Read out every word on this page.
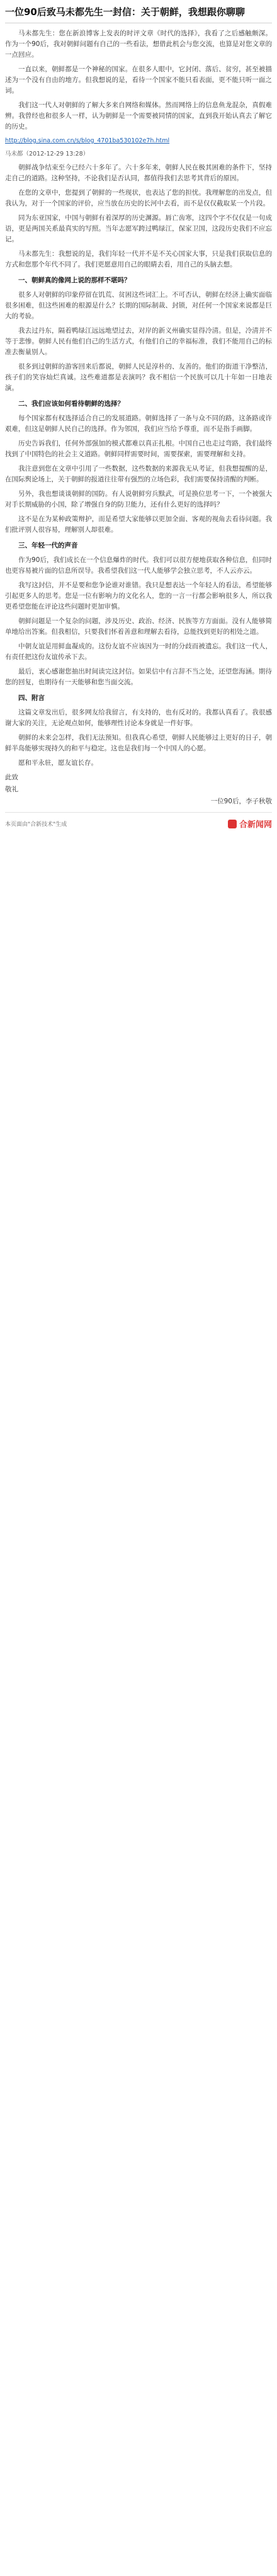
一位90后致马未都先生一封信：关于朝鲜，我想跟你聊聊

马未都先生：您在新浪博客上发表的时评文章《时代的选择》，我看了之后感触颇深。作为一个90后，我对朝鲜问题有自己的一些看法，想借此机会与您交流，也算是对您文章的一点回应。

一直以来，朝鲜都是一个神秘的国家。在很多人眼中，它封闭、落后、贫穷，甚至被描述为一个没有自由的地方。但我想说的是，看待一个国家不能只看表面，更不能只听一面之词。

我们这一代人对朝鲜的了解大多来自网络和媒体。然而网络上的信息鱼龙混杂，真假难辨。我曾经也和很多人一样，认为朝鲜是一个需要被同情的国家，直到我开始认真去了解它的历史。

http://blog.sina.com.cn/s/blog_4701ba530102e7h.html
马未都（2012-12-29 13:28）

朝鲜战争结束至今已经六十多年了。六十多年来，朝鲜人民在极其困难的条件下，坚持走自己的道路。这种坚持，不论我们是否认同，都值得我们去思考其背后的原因。

在您的文章中，您提到了朝鲜的一些现状，也表达了您的担忧。我理解您的出发点，但我认为，对于一个国家的评价，应当放在历史的长河中去看，而不是仅仅截取某一个片段。

同为东亚国家，中国与朝鲜有着深厚的历史渊源。唇亡齿寒，这四个字不仅仅是一句成语，更是两国关系最真实的写照。当年志愿军跨过鸭绿江，保家卫国，这段历史我们不应忘记。

马未都先生：我想说的是，我们年轻一代并不是不关心国家大事，只是我们获取信息的方式和您那个年代不同了。我们更愿意用自己的眼睛去看，用自己的头脑去想。

一、朝鲜真的像网上说的那样不堪吗？

很多人对朝鲜的印象停留在饥荒、贫困这些词汇上。不可否认，朝鲜在经济上确实面临很多困难，但这些困难的根源是什么？长期的国际制裁、封锁，对任何一个国家来说都是巨大的考验。

我去过丹东，隔着鸭绿江远远地望过去，对岸的新义州确实显得冷清。但是，冷清并不等于悲惨。朝鲜人民有他们自己的生活方式，有他们自己的幸福标准，我们不能用自己的标准去衡量别人。

很多到过朝鲜的游客回来后都说，朝鲜人民是淳朴的、友善的。他们的街道干净整洁，孩子们的笑容灿烂真诚。这些难道都是表演吗？我不相信一个民族可以几十年如一日地表演。

二、我们应该如何看待朝鲜的选择？

每个国家都有权选择适合自己的发展道路。朝鲜选择了一条与众不同的路，这条路或许艰难，但这是朝鲜人民自己的选择。作为邻国，我们应当给予尊重，而不是指手画脚。

历史告诉我们，任何外部强加的模式都难以真正扎根。中国自己也走过弯路，我们最终找到了中国特色的社会主义道路。朝鲜同样需要时间，需要探索，需要理解和支持。

我注意到您在文章中引用了一些数据，这些数据的来源我无从考证，但我想提醒的是，在国际舆论场上，关于朝鲜的报道往往带有强烈的立场色彩，我们需要保持清醒的判断。

另外，我也想谈谈朝鲜的国防。有人说朝鲜穷兵黩武，可是换位思考一下，一个被强大对手长期威胁的小国，除了增强自身的防卫能力，还有什么更好的选择吗？

这不是在为某种政策辩护，而是希望大家能够以更加全面、客观的视角去看待问题。我们批评别人很容易，理解别人却很难。

三、年轻一代的声音

作为90后，我们成长在一个信息爆炸的时代。我们可以很方便地获取各种信息，但同时也更容易被片面的信息所误导。我希望我们这一代人能够学会独立思考，不人云亦云。

我写这封信，并不是要和您争论谁对谁错。我只是想表达一个年轻人的看法，希望能够引起更多人的思考。您是一位有影响力的文化名人，您的一言一行都会影响很多人，所以我更希望您能在评论这些问题时更加审慎。

朝鲜问题是一个复杂的问题，涉及历史、政治、经济、民族等方方面面。没有人能够简单地给出答案。但我相信，只要我们怀着善意和理解去看待，总能找到更好的相处之道。

中朝友谊是用鲜血凝成的。这份友谊不应该因为一时的分歧而被遗忘。我们这一代人，有责任把这份友谊传承下去。

最后，衷心感谢您抽出时间读完这封信。如果信中有言辞不当之处，还望您海涵。期待您的回复，也期待有一天能够和您当面交流。

四、附言

这篇文章发出后，很多网友给我留言，有支持的，也有反对的。我都认真看了。我很感谢大家的关注，无论观点如何，能够理性讨论本身就是一件好事。

朝鲜的未来会怎样，我们无法预知。但我真心希望，朝鲜人民能够过上更好的日子，朝鲜半岛能够实现持久的和平与稳定。这也是我们每一个中国人的心愿。

愿和平永驻，愿友谊长存。

此致
敬礼
一位90后，李子秋敬
本页面由"合新技术"生成	合新闻网
